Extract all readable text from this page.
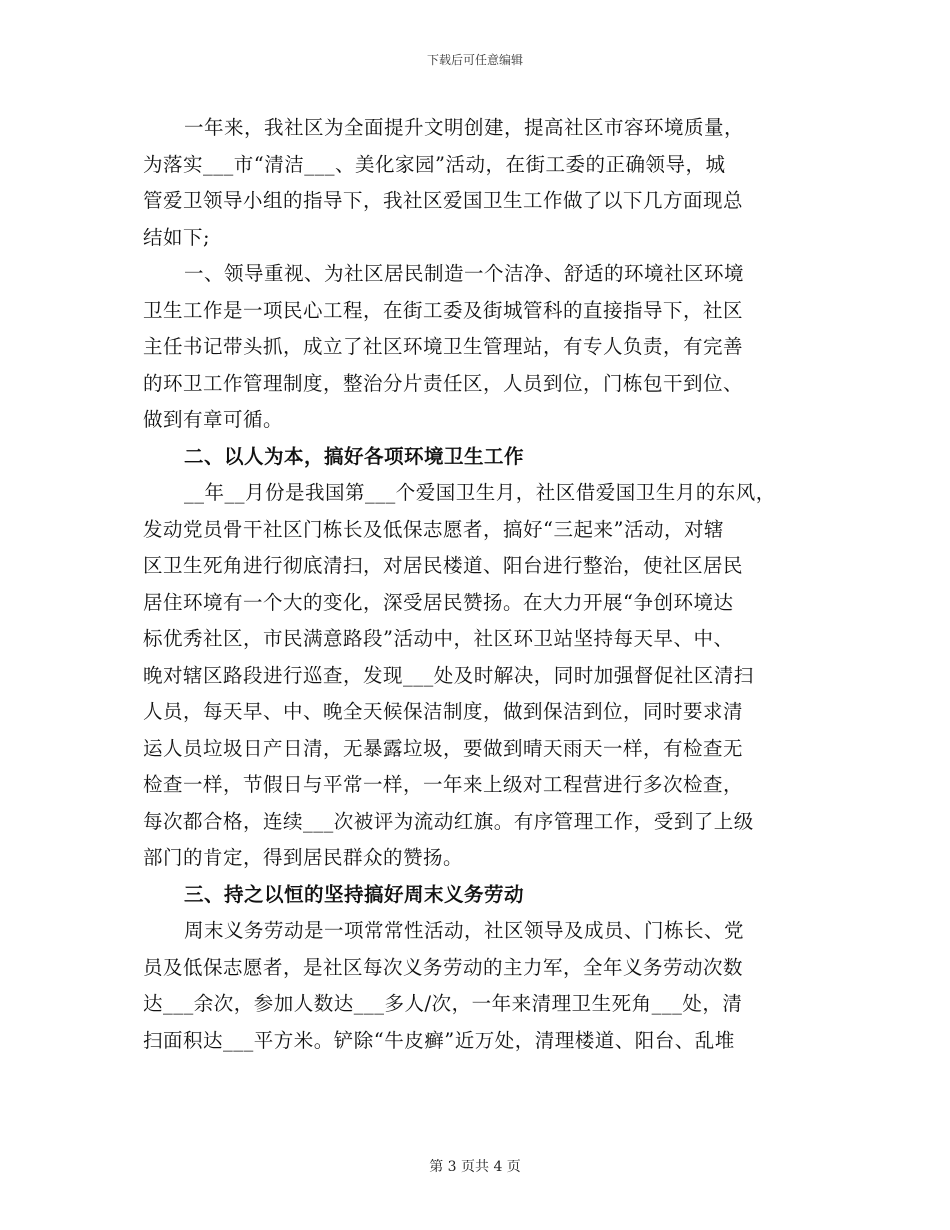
下载后可任意编辑
一年来，我社区为全面提升文明创建，提高社区市容环境质量，
为落实___市“清洁___、美化家园”活动，在街工委的正确领导，城
管爱卫领导小组的指导下，我社区爱国卫生工作做了以下几方面现总
结如下;
一、领导重视、为社区居民制造一个洁净、舒适的环境社区环境
卫生工作是一项民心工程，在街工委及街城管科的直接指导下，社区
主任书记带头抓，成立了社区环境卫生管理站，有专人负责，有完善
的环卫工作管理制度，整治分片责任区，人员到位，门栋包干到位、
做到有章可循。
二、以人为本，搞好各项环境卫生工作
__年__月份是我国第___个爱国卫生月，社区借爱国卫生月的东风，
发动党员骨干社区门栋长及低保志愿者，搞好“三起来”活动，对辖
区卫生死角进行彻底清扫，对居民楼道、阳台进行整治，使社区居民
居住环境有一个大的变化，深受居民赞扬。在大力开展“争创环境达
标优秀社区，市民满意路段”活动中，社区环卫站坚持每天早、中、
晚对辖区路段进行巡查，发现___处及时解决，同时加强督促社区清扫
人员，每天早、中、晚全天候保洁制度，做到保洁到位，同时要求清
运人员垃圾日产日清，无暴露垃圾，要做到晴天雨天一样，有检查无
检查一样，节假日与平常一样，一年来上级对工程营进行多次检查，
每次都合格，连续___次被评为流动红旗。有序管理工作，受到了上级
部门的肯定，得到居民群众的赞扬。
三、持之以恒的坚持搞好周末义务劳动
周末义务劳动是一项常常性活动，社区领导及成员、门栋长、党
员及低保志愿者，是社区每次义务劳动的主力军，全年义务劳动次数
达___余次，参加人数达___多人/次，一年来清理卫生死角___处，清
扫面积达___平方米。铲除“牛皮癣”近万处，清理楼道、阳台、乱堆
第 3 页共 4 页
